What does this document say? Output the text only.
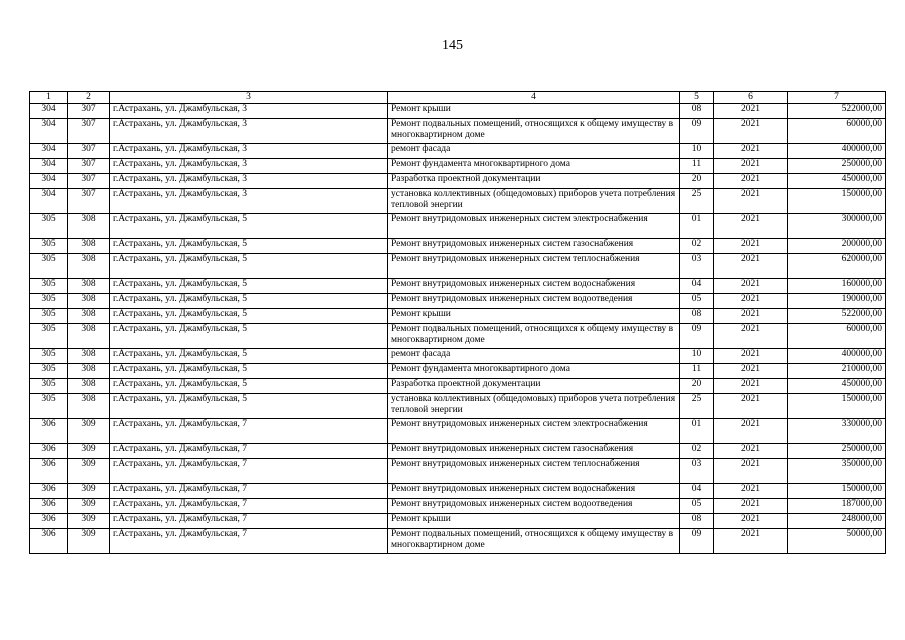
145
1	2	3	4	5	6	7
304	307	г.Астрахань, ул. Джамбульская, 3	Ремонт крыши	08	2021	522000,00
304	307	г.Астрахань, ул. Джамбульская, 3	Ремонт подвальных помещений, относящихся к общему имуществу в многоквартирном доме	09	2021	60000,00
304	307	г.Астрахань, ул. Джамбульская, 3	ремонт фасада	10	2021	400000,00
304	307	г.Астрахань, ул. Джамбульская, 3	Ремонт фундамента многоквартирного дома	11	2021	250000,00
304	307	г.Астрахань, ул. Джамбульская, 3	Разработка проектной документации	20	2021	450000,00
304	307	г.Астрахань, ул. Джамбульская, 3	установка коллективных (общедомовых) приборов учета потребления тепловой энергии	25	2021	150000,00
305	308	г.Астрахань, ул. Джамбульская, 5	Ремонт внутридомовых инженерных систем электроснабжения	01	2021	300000,00
305	308	г.Астрахань, ул. Джамбульская, 5	Ремонт внутридомовых инженерных систем газоснабжения	02	2021	200000,00
305	308	г.Астрахань, ул. Джамбульская, 5	Ремонт внутридомовых инженерных систем теплоснабжения	03	2021	620000,00
305	308	г.Астрахань, ул. Джамбульская, 5	Ремонт внутридомовых инженерных систем водоснабжения	04	2021	160000,00
305	308	г.Астрахань, ул. Джамбульская, 5	Ремонт внутридомовых инженерных систем водоотведения	05	2021	190000,00
305	308	г.Астрахань, ул. Джамбульская, 5	Ремонт крыши	08	2021	522000,00
305	308	г.Астрахань, ул. Джамбульская, 5	Ремонт подвальных помещений, относящихся к общему имуществу в многоквартирном доме	09	2021	60000,00
305	308	г.Астрахань, ул. Джамбульская, 5	ремонт фасада	10	2021	400000,00
305	308	г.Астрахань, ул. Джамбульская, 5	Ремонт фундамента многоквартирного дома	11	2021	210000,00
305	308	г.Астрахань, ул. Джамбульская, 5	Разработка проектной документации	20	2021	450000,00
305	308	г.Астрахань, ул. Джамбульская, 5	установка коллективных (общедомовых) приборов учета потребления тепловой энергии	25	2021	150000,00
306	309	г.Астрахань, ул. Джамбульская, 7	Ремонт внутридомовых инженерных систем электроснабжения	01	2021	330000,00
306	309	г.Астрахань, ул. Джамбульская, 7	Ремонт внутридомовых инженерных систем газоснабжения	02	2021	250000,00
306	309	г.Астрахань, ул. Джамбульская, 7	Ремонт внутридомовых инженерных систем теплоснабжения	03	2021	350000,00
306	309	г.Астрахань, ул. Джамбульская, 7	Ремонт внутридомовых инженерных систем водоснабжения	04	2021	150000,00
306	309	г.Астрахань, ул. Джамбульская, 7	Ремонт внутридомовых инженерных систем водоотведения	05	2021	187000,00
306	309	г.Астрахань, ул. Джамбульская, 7	Ремонт крыши	08	2021	248000,00
306	309	г.Астрахань, ул. Джамбульская, 7	Ремонт подвальных помещений, относящихся к общему имуществу в многоквартирном доме	09	2021	50000,00
